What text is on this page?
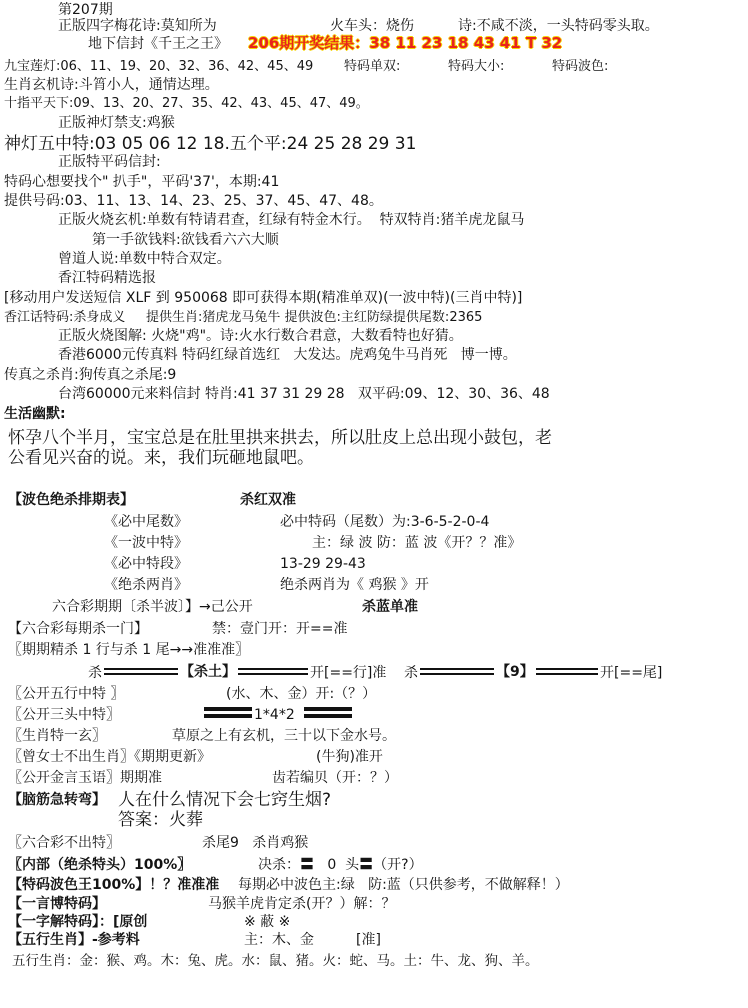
第207期
正版四字梅花诗:莫知所为	火车头：烧伤	诗:不咸不淡，一头特码零头取。
地下信封《千王之王》 206期开奖结果：38 11 23 18 43 41 T 32
九宝莲灯:06、11、19、20、32、36、42、45、49 特码单双:	特码大小:	特码波色:
生肖玄机诗:斗筲小人，通情达理。
十指平天下:09、13、20、27、35、42、43、45、47、49。
正版神灯禁支:鸡猴
神灯五中特:03 05 06 12 18.五个平:24 25 28 29 31
正版特平码信封:
特码心想要找个" 扒手"，平码'37'，本期:41
提供号码:03、11、13、14、23、25、37、45、47、48。
正版火烧玄机:单数有特请君查，红绿有特金木行。  特双特肖:猪羊虎龙鼠马
第一手欲钱料:欲钱看六六大顺
曾道人说:单数中特合双定。
香江特码精选报
[移动用户发送短信 XLF 到 950068 即可获得本期(精准单双)(一波中特)(三肖中特)]
香江话特码:杀身成义     提供生肖:猪虎龙马兔牛 提供波色:主红防绿提供尾数:2365
正版火烧图解: 火烧"鸡"。诗:火水行数合君意，大数看特也好猜。
香港6000元传真料 特码红绿首选红   大发达。虎鸡兔牛马肖死   博一博。
传真之杀肖:狗传真之杀尾:9
台湾60000元来料信封 特肖:41 37 31 29 28   双平码:09、12、30、36、48
生活幽默:
怀孕八个半月，宝宝总是在肚里拱来拱去，所以肚皮上总出现小鼓包，老
公看见兴奋的说。来，我们玩砸地鼠吧。
【波色绝杀排期表】	杀红双准
《必中尾数》	必中特码（尾数）为:3-6-5-2-0-4
《一波中特》	主：绿 波 防：蓝 波《开？？准》
《必中特段》	13-29 29-43
《绝杀两肖》	绝杀两肖为《 鸡猴 》开
六合彩期期〔杀半波〕】→己公开	杀蓝单准
【六合彩每期杀一门】	禁：壹门开：开==准
〖期期精杀 1 行与杀 1 尾→→准准准〗
杀	【杀土】	开[==行]准 杀	【9】	开[==尾]
〖公开五行中特 〗	(水、木、金）开:（？）
〖公开三头中特〗	1*4*2
〖生肖特一玄〗	草原之上有玄机，三十以下金水号。
〖曾女士不出生肖〗《期期更新》	(牛狗)准开
〖公开金言玉语〗期期准	齿若编贝（开：？）
【脑筋急转弯】 人在什么情况下会七窍生烟?
答案：火葬
〖六合彩不出特〗	杀尾9   杀肖鸡猴
〖内部（绝杀特头）100%〗	决杀：〓   0  头〓（开?）
【特码波色王100%】！？准准准 每期必中波色主:绿   防:蓝（只供参考，不做解释！）
【一言博特码】	马猴羊虎肯定杀(开？）解：？
【一字解特码】：[原创	※ 蔽 ※
【五行生肖】-参考料	主：木、金	[准]
五行生肖：金：猴、鸡。木：兔、虎。水：鼠、猪。火：蛇、马。土：牛、龙、狗、羊。
